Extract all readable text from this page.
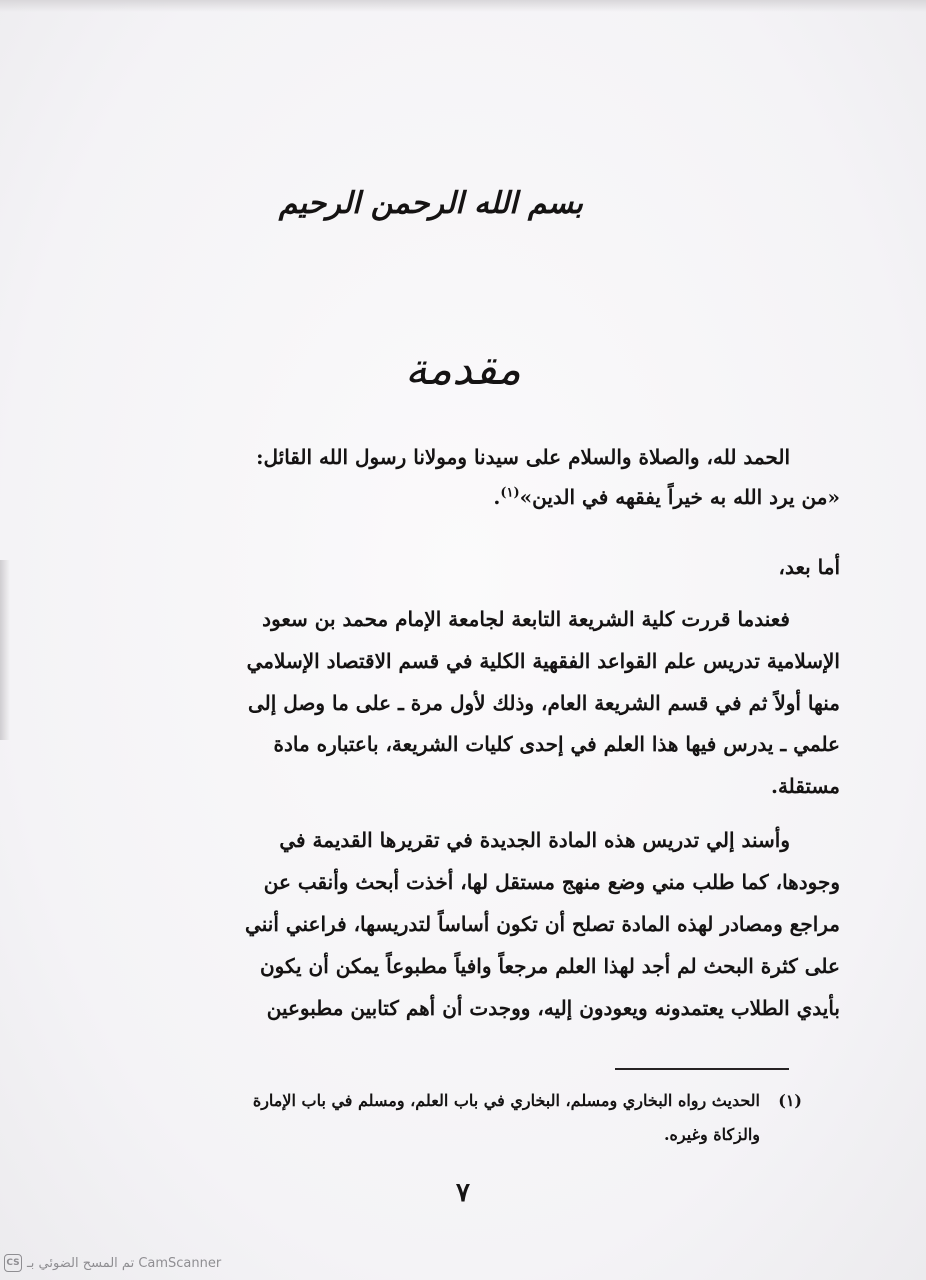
بسم الله الرحمن الرحيم
مقدمة
الحمد لله، والصلاة والسلام على سيدنا ومولانا رسول الله القائل:
«من يرد الله به خيراً يفقهه في الدين»$^{(١)}$.
أما بعد،
فعندما قررت كلية الشريعة التابعة لجامعة الإمام محمد بن سعود
الإسلامية تدريس علم القواعد الفقهية الكلية في قسم الاقتصاد الإسلامي
منها أولاً ثم في قسم الشريعة العام، وذلك لأول مرة ـ على ما وصل إلى
علمي ـ يدرس فيها هذا العلم في إحدى كليات الشريعة، باعتباره مادة
مستقلة.
وأسند إلي تدريس هذه المادة الجديدة في تقريرها القديمة في
وجودها، كما طلب مني وضع منهج مستقل لها، أخذت أبحث وأنقب عن
مراجع ومصادر لهذه المادة تصلح أن تكون أساساً لتدريسها، فراعني أنني
على كثرة البحث لم أجد لهذا العلم مرجعاً وافياً مطبوعاً يمكن أن يكون
بأيدي الطلاب يعتمدونه ويعودون إليه، ووجدت أن أهم كتابين مطبوعين
(١)
الحديث رواه البخاري ومسلم، البخاري في باب العلم، ومسلم في باب الإمارة
والزكاة وغيره.
٧
CS تم المسح الضوئي بـ CamScanner
